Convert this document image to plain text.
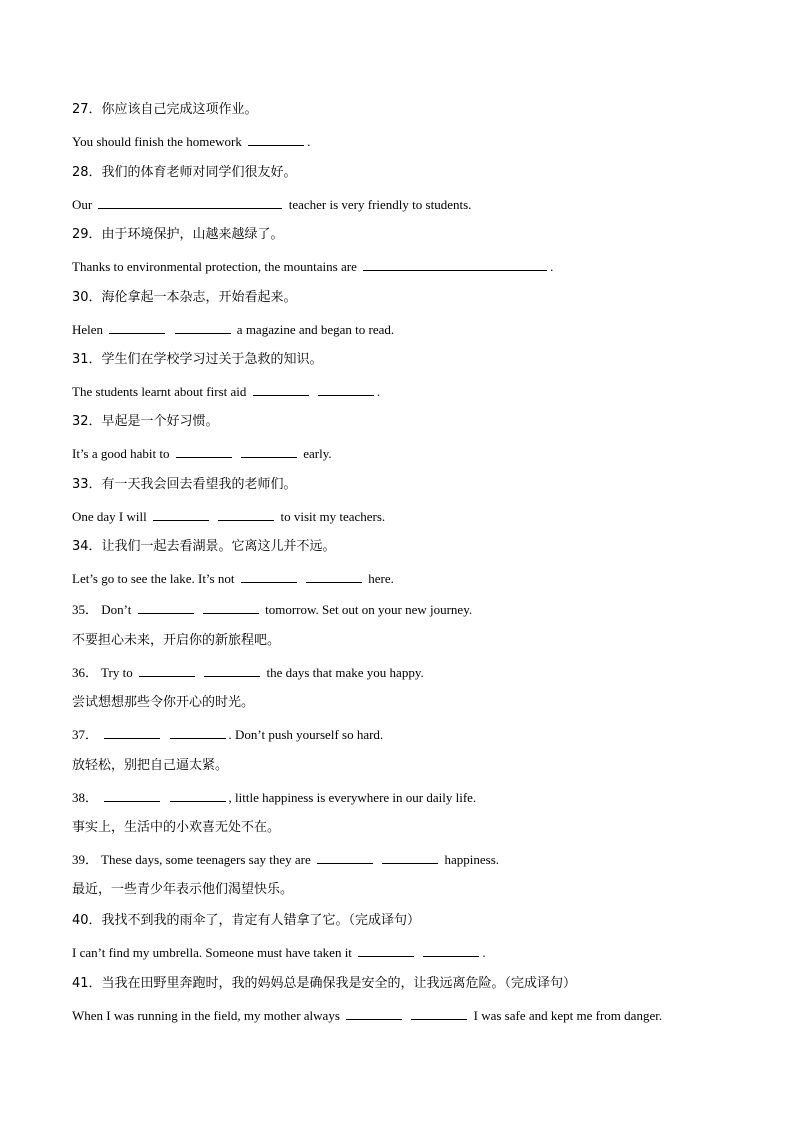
27．你应该自己完成这项作业。
You should finish the homework	.
28．我们的体育老师对同学们很友好。
Our	teacher is very friendly to students.
29．由于环境保护，山越来越绿了。
Thanks to environmental protection, the mountains are	.
30．海伦拿起一本杂志，开始看起来。
Helen	a magazine and began to read.
31．学生们在学校学习过关于急救的知识。
The students learnt about first aid	.
32．早起是一个好习惯。
It’s a good habit to	early.
33．有一天我会回去看望我的老师们。
One day I will	to visit my teachers.
34．让我们一起去看湖景。它离这儿并不远。
Let’s go to see the lake. It’s not	here.
35． Don’t	tomorrow. Set out on your new journey.
不要担心未来，开启你的新旅程吧。
36． Try to	the days that make you happy.
尝试想想那些令你开心的时光。
37．	. Don’t push yourself so hard.
放轻松，别把自己逼太紧。
38．	, little happiness is everywhere in our daily life.
事实上，生活中的小欢喜无处不在。
39． These days, some teenagers say they are	happiness.
最近，一些青少年表示他们渴望快乐。
40．我找不到我的雨伞了，肯定有人错拿了它。（完成译句）
I can’t find my umbrella. Someone must have taken it	.
41．当我在田野里奔跑时，我的妈妈总是确保我是安全的，让我远离危险。（完成译句）
When I was running in the field, my mother always	I was safe and kept me from danger.
